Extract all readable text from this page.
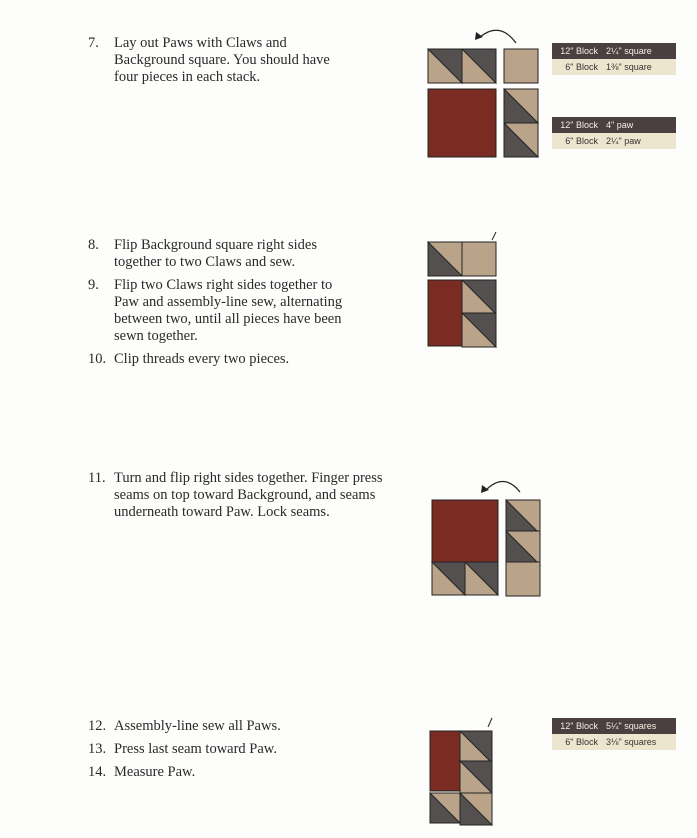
7.	Lay out Paws with Claws and
Background square. You should have
four pieces in each stack.
8.	Flip Background square right sides
together to two Claws and sew.
9.	Flip two Claws right sides together to
Paw and assembly-line sew, alternating
between two, until all pieces have been
sewn together.
10. Clip threads every two pieces.
11. Turn and flip right sides together. Finger press
seams on top toward Background, and seams
underneath toward Paw. Lock seams.
12. Assembly-line sew all Paws.
13. Press last seam toward Paw.
14. Measure Paw.
12" Block 2¼" square
6" Block 1⅜" square
12" Block 4" paw
6" Block 2¼" paw
12" Block 5¼" squares
6" Block 3⅛" squares
